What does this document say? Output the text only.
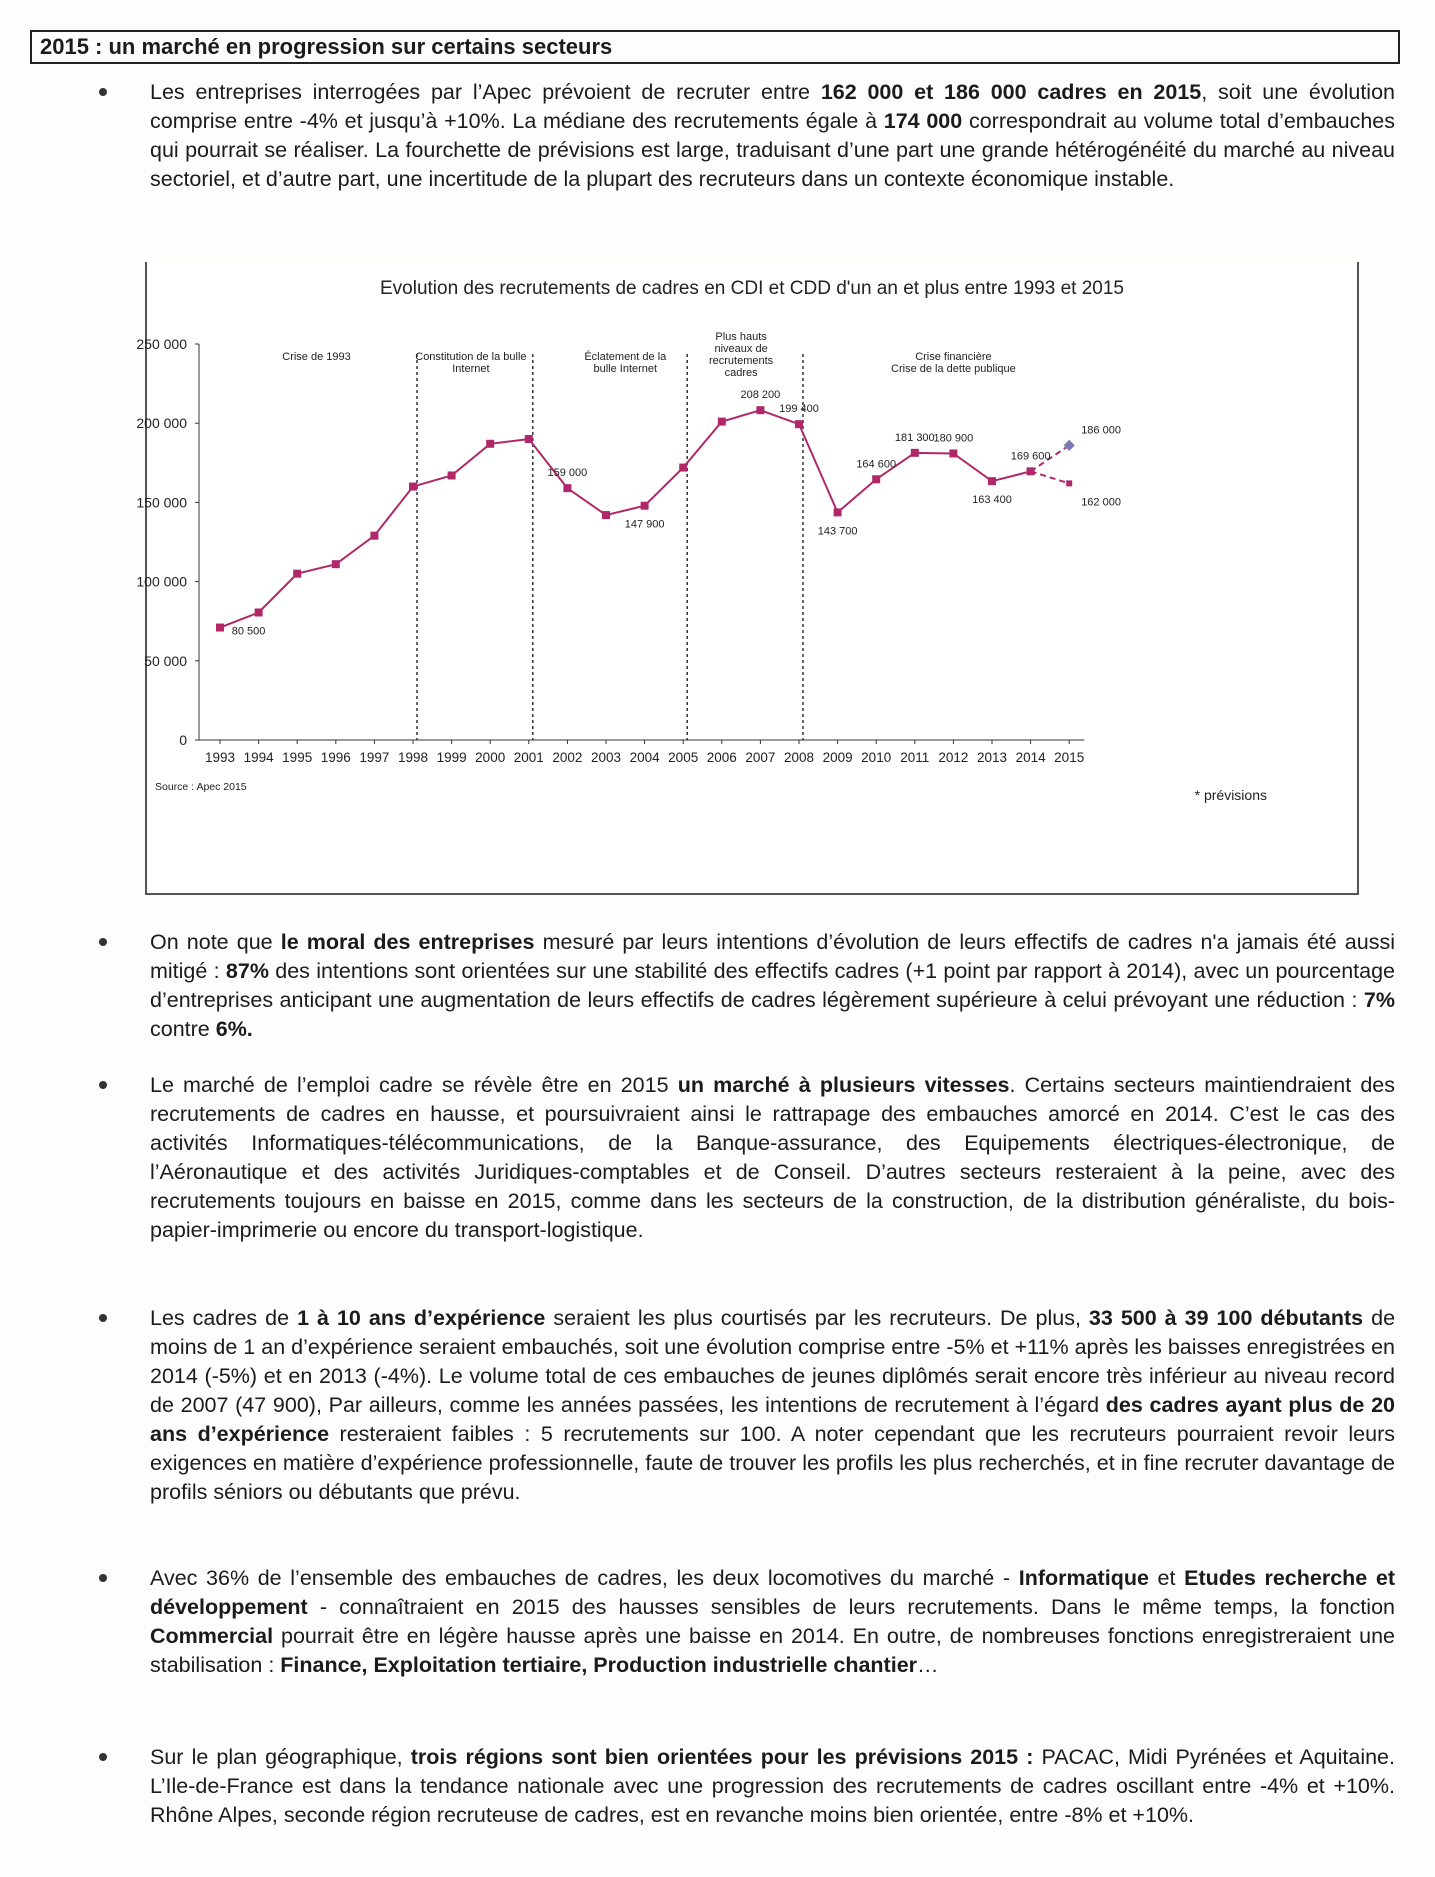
2015 : un marché en progression sur certains secteurs
Les entreprises interrogées par l’Apec prévoient de recruter entre 162 000 et 186 000 cadres en 2015, soit une évolution comprise entre -4% et jusqu’à +10%. La médiane des recrutements égale à 174 000 correspondrait au volume total d’embauches qui pourrait se réaliser. La fourchette de prévisions est large, traduisant d’une part une grande hétérogénéité du marché au niveau sectoriel, et d’autre part, une incertitude de la plupart des recruteurs dans un contexte économique instable.
Evolution des recrutements de cadres en CDI et CDD d'un an et plus entre 1993 et 2015
0
50 000
100 000
150 000
200 000
250 000
1993 1994 1995 1996 1997 1998 1999 2000 2001 2002 2003 2004 2005 2006 2007 2008 2009 2010 2011 2012 2013 2014 2015
Crise de 1993	Constitution de la bulle
Internet
Éclatement de la
bulle Internet
Plus hauts
niveaux de
recrutements
cadres
Crise financière
Crise de la dette publique
80 500
159 000
147 900
208 200
199 400
143 700
164 600
181 300
180 900
163 400
169 600
186 000
162 000
Source : Apec 2015	* prévisions
On note que le moral des entreprises mesuré par leurs intentions d’évolution de leurs effectifs de cadres n'a jamais été aussi mitigé : 87% des intentions sont orientées sur une stabilité des effectifs cadres (+1 point par rapport à 2014), avec un pourcentage d’entreprises anticipant une augmentation de leurs effectifs de cadres légèrement supérieure à celui prévoyant une réduction : 7% contre 6%.
Le marché de l’emploi cadre se révèle être en 2015 un marché à plusieurs vitesses. Certains secteurs maintiendraient des recrutements de cadres en hausse, et poursuivraient ainsi le rattrapage des embauches amorcé en 2014. C’est le cas des activités Informatiques-télécommunications, de la Banque-assurance, des Equipements électriques-électronique, de l’Aéronautique et des activités Juridiques-comptables et de Conseil. D’autres secteurs resteraient à la peine, avec des recrutements toujours en baisse en 2015, comme dans les secteurs de la construction, de la distribution généraliste, du bois-papier-imprimerie ou encore du transport-logistique.
Les cadres de 1 à 10 ans d’expérience seraient les plus courtisés par les recruteurs. De plus, 33 500 à 39 100 débutants de moins de 1 an d’expérience seraient embauchés, soit une évolution comprise entre -5% et +11% après les baisses enregistrées en 2014 (-5%) et en 2013 (-4%). Le volume total de ces embauches de jeunes diplômés serait encore très inférieur au niveau record de 2007 (47 900), Par ailleurs, comme les années passées, les intentions de recrutement à l’égard des cadres ayant plus de 20 ans d’expérience resteraient faibles : 5 recrutements sur 100. A noter cependant que les recruteurs pourraient revoir leurs exigences en matière d’expérience professionnelle, faute de trouver les profils les plus recherchés, et in fine recruter davantage de profils séniors ou débutants que prévu.
Avec 36% de l’ensemble des embauches de cadres, les deux locomotives du marché - Informatique et Etudes recherche et développement - connaîtraient en 2015 des hausses sensibles de leurs recrutements. Dans le même temps, la fonction Commercial pourrait être en légère hausse après une baisse en 2014. En outre, de nombreuses fonctions enregistreraient une stabilisation : Finance, Exploitation tertiaire, Production industrielle chantier…
Sur le plan géographique, trois régions sont bien orientées pour les prévisions 2015 : PACAC, Midi Pyrénées et Aquitaine. L’Ile-de-France est dans la tendance nationale avec une progression des recrutements de cadres oscillant entre -4% et +10%. Rhône Alpes, seconde région recruteuse de cadres, est en revanche moins bien orientée, entre -8% et +10%.
